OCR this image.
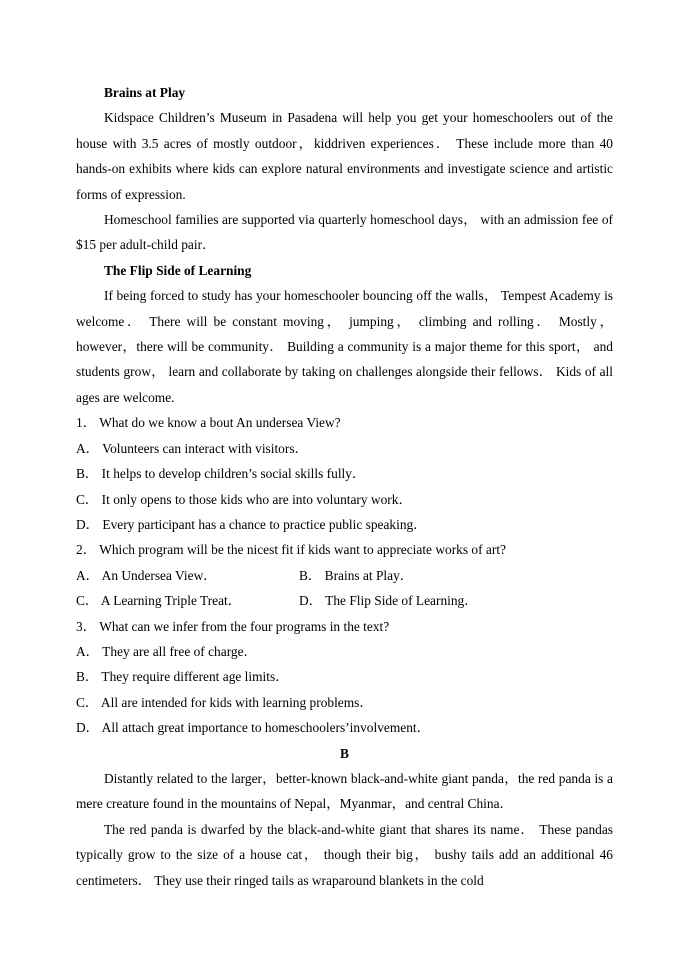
Brains at Play

Kidspace Children’s Museum in Pasadena will help you get your homeschoolers out of the house with 3.5 acres of mostly outdoor，kiddriven experiences． These include more than 40 hands-on exhibits where kids can explore natural environments and investigate science and artistic forms of expression.

Homeschool families are supported via quarterly homeschool days， with an admission fee of $15 per adult-child pair．

The Flip Side of Learning

If being forced to study has your homeschooler bouncing off the walls， Tempest Academy is welcome． There will be constant moving， jumping， climbing and rolling． Mostly，however，there will be community． Building a community is a major theme for this sport， and students grow， learn and collaborate by taking on challenges alongside their fellows． Kids of all ages are welcome.

1． What do we know a bout An undersea View?

A． Volunteers can interact with visitors．

B． It helps to develop children’s social skills fully．

C． It only opens to those kids who are into voluntary work．

D． Every participant has a chance to practice public speaking．

2． Which program will be the nicest fit if kids want to appreciate works of art?

A． An Undersea View．	B． Brains at Play．
C． A Learning Triple Treat．	D． The Flip Side of Learning．

3． What can we infer from the four programs in the text?

A． They are all free of charge．

B． They require different age limits．

C． All are intended for kids with learning problems．

D． All attach great importance to homeschoolers’involvement．

B

Distantly related to the larger，better-known black-and-white giant panda，the red panda is a mere creature found in the mountains of Nepal，Myanmar，and central China．

The red panda is dwarfed by the black-and-white giant that shares its name． These pandas typically grow to the size of a house cat， though their big， bushy tails add an additional 46 centimeters． They use their ringed tails as wraparound blankets in the cold
